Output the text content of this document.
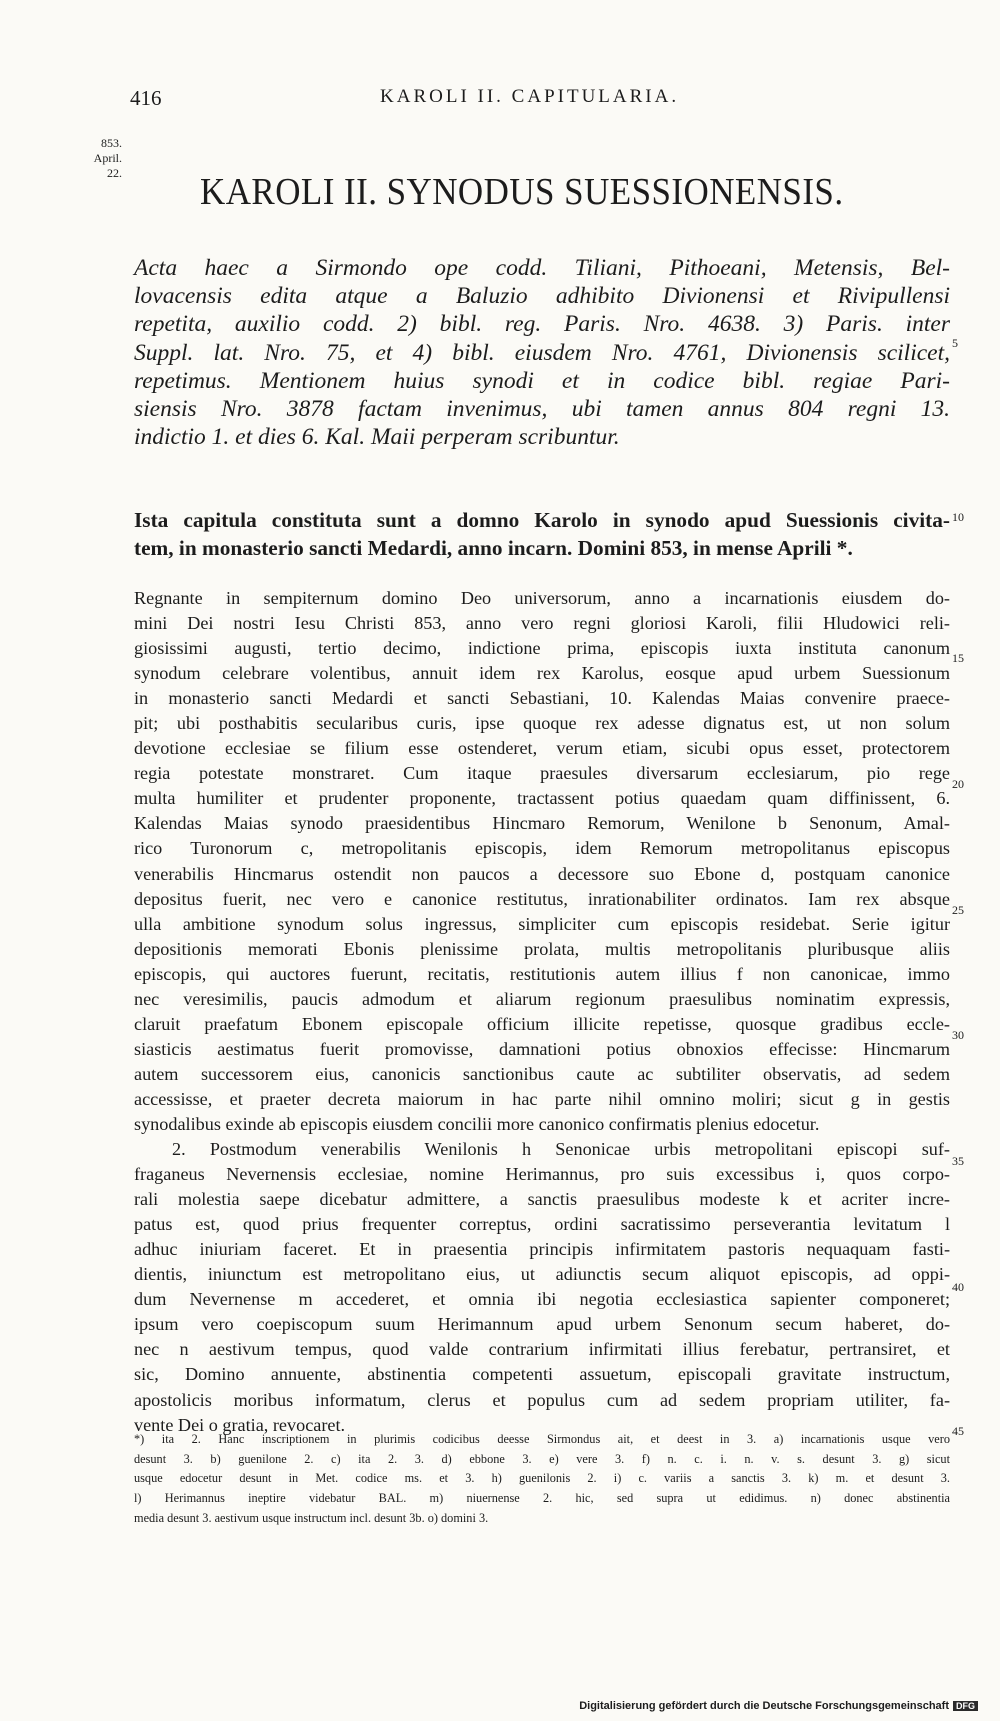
416	KAROLI II. CAPITULARIA.
853.
April.
22. KAROLI II. SYNODUS SUESSIONENSIS.
Acta haec a Sirmondo ope codd. Tiliani, Pithoeani, Metensis, Bel-
lovacensis edita atque a Baluzio adhibito Divionensi et Rivipullensi
repetita, auxilio codd. 2) bibl. reg. Paris. Nro. 4638. 3) Paris. inter
Suppl. lat. Nro. 75, et 4) bibl. eiusdem Nro. 4761, Divionensis scilicet,
repetimus. Mentionem huius synodi et in codice bibl. regiae Pari-
siensis Nro. 3878 factam invenimus, ubi tamen annus 804 regni 13.
indictio 1. et dies 6. Kal. Maii perperam scribuntur.
Ista capitula constituta sunt a domno Karolo in synodo apud Suessionis civita-
tem, in monasterio sancti Medardi, anno incarn. Domini 853, in mense Aprili *.
Regnante in sempiternum domino Deo universorum, anno a incarnationis eiusdem do-
mini Dei nostri Iesu Christi 853, anno vero regni gloriosi Karoli, filii Hludowici reli-
giosissimi augusti, tertio decimo, indictione prima, episcopis iuxta instituta canonum
synodum celebrare volentibus, annuit idem rex Karolus, eosque apud urbem Suessionum
in monasterio sancti Medardi et sancti Sebastiani, 10. Kalendas Maias convenire praece-
pit; ubi posthabitis secularibus curis, ipse quoque rex adesse dignatus est, ut non solum
devotione ecclesiae se filium esse ostenderet, verum etiam, sicubi opus esset, protectorem
regia potestate monstraret. Cum itaque praesules diversarum ecclesiarum, pio rege
multa humiliter et prudenter proponente, tractassent potius quaedam quam diffinissent, 6.
Kalendas Maias synodo praesidentibus Hincmaro Remorum, Wenilone b Senonum, Amal-
rico Turonorum c, metropolitanis episcopis, idem Remorum metropolitanus episcopus
venerabilis Hincmarus ostendit non paucos a decessore suo Ebone d, postquam canonice
depositus fuerit, nec vero e canonice restitutus, inrationabiliter ordinatos. Iam rex absque
ulla ambitione synodum solus ingressus, simpliciter cum episcopis residebat. Serie igitur
depositionis memorati Ebonis plenissime prolata, multis metropolitanis pluribusque aliis
episcopis, qui auctores fuerunt, recitatis, restitutionis autem illius f non canonicae, immo
nec veresimilis, paucis admodum et aliarum regionum praesulibus nominatim expressis,
claruit praefatum Ebonem episcopale officium illicite repetisse, quosque gradibus eccle-
siasticis aestimatus fuerit promovisse, damnationi potius obnoxios effecisse: Hincmarum
autem successorem eius, canonicis sanctionibus caute ac subtiliter observatis, ad sedem
accessisse, et praeter decreta maiorum in hac parte nihil omnino moliri; sicut g in gestis
synodalibus exinde ab episcopis eiusdem concilii more canonico confirmatis plenius edocetur.
2. Postmodum venerabilis Wenilonis h Senonicae urbis metropolitani episcopi suf-
fraganeus Nevernensis ecclesiae, nomine Herimannus, pro suis excessibus i, quos corpo-
rali molestia saepe dicebatur admittere, a sanctis praesulibus modeste k et acriter incre-
patus est, quod prius frequenter correptus, ordini sacratissimo perseverantia levitatum l
adhuc iniuriam faceret. Et in praesentia principis infirmitatem pastoris nequaquam fasti-
dientis, iniunctum est metropolitano eius, ut adiunctis secum aliquot episcopis, ad oppi-
dum Nevernense m accederet, et omnia ibi negotia ecclesiastica sapienter componeret;
ipsum vero coepiscopum suum Herimannum apud urbem Senonum secum haberet, do-
nec n aestivum tempus, quod valde contrarium infirmitati illius ferebatur, pertransiret, et
sic, Domino annuente, abstinentia competenti assuetum, episcopali gravitate instructum,
apostolicis moribus informatum, clerus et populus cum ad sedem propriam utiliter, fa-
vente Dei o gratia, revocaret.
*) ita 2. Hanc inscriptionem in plurimis codicibus deesse Sirmondus ait, et deest in 3. a) incarnationis usque vero
desunt 3. b) guenilone 2. c) ita 2. 3. d) ebbone 3. e) vere 3. f) n. c. i. n. v. s. desunt 3. g) sicut
usque edocetur desunt in Met. codice ms. et 3. h) guenilonis 2. i) c. variis a sanctis 3. k) m. et desunt 3.
l) Herimannus ineptire videbatur BAL. m) niuernense 2. hic, sed supra ut edidimus. n) donec abstinentia
media desunt 3. aestivum usque instructum incl. desunt 3b. o) domini 3.
5
10
15
20
25
30
35
40
45
Digitalisierung gefördert durch die Deutsche Forschungsgemeinschaft DFG
